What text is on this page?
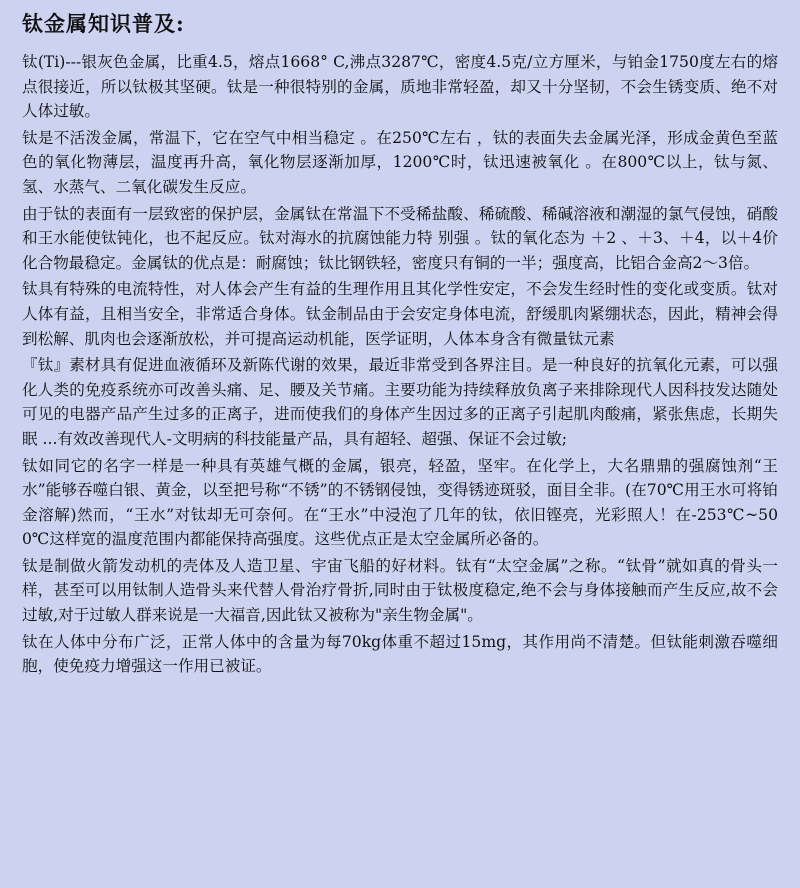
钛金属知识普及:

钛(Ti)---银灰色金属，比重4.5，熔点1668° C,沸点3287℃，密度4.5克/立方厘米，与铂金1750度左右的熔点很接近，所以钛极其坚硬。钛是一种很特别的金属，质地非常轻盈，却又十分坚韧，不会生锈变质、绝不对人体过敏。

钛是不活泼金属，常温下，它在空气中相当稳定 。在250℃左右 ，钛的表面失去金属光泽，形成金黄色至蓝色的氧化物薄层，温度再升高，氧化物层逐渐加厚，1200℃时，钛迅速被氧化 。在800℃以上，钛与氮、氢、水蒸气、二氧化碳发生反应。

由于钛的表面有一层致密的保护层，金属钛在常温下不受稀盐酸、稀硫酸、稀碱溶液和潮湿的氯气侵蚀，硝酸和王水能使钛钝化，也不起反应。钛对海水的抗腐蚀能力特 别强 。钛的氧化态为 ＋2 、＋3、＋4，以＋4价化合物最稳定。金属钛的优点是：耐腐蚀；钛比钢铁轻，密度只有铜的一半；强度高，比铝合金高2～3倍。

钛具有特殊的电流特性，对人体会产生有益的生理作用且其化学性安定，不会发生经时性的变化或变质。钛对人体有益，且相当安全，非常适合身体。钛金制品由于会安定身体电流，舒缓肌肉紧绷状态，因此，精神会得到松解、肌肉也会逐渐放松，并可提高运动机能，医学证明，人体本身含有微量钛元素

『钛』素材具有促进血液循环及新陈代谢的效果，最近非常受到各界注目。是一种良好的抗氧化元素，可以强化人类的免疫系统亦可改善头痛、足、腰及关节痛。主要功能为持续释放负离子来排除现代人因科技发达随处可见的电器产品产生过多的正离子，进而使我们的身体产生因过多的正离子引起肌肉酸痛，紧张焦虑，长期失眠 ...有效改善现代人-文明病的科技能量产品，具有超轻、超强、保证不会过敏;

钛如同它的名字一样是一种具有英雄气概的金属，银亮，轻盈，坚牢。在化学上，大名鼎鼎的强腐蚀剂“王水”能够吞噬白银、黄金，以至把号称“不锈”的不锈钢侵蚀，变得锈迹斑驳，面目全非。(在70℃用王水可将铂金溶解)然而，“王水”对钛却无可奈何。在“王水”中浸泡了几年的钛，依旧铿亮，光彩照人！在-253℃~500℃这样宽的温度范围内都能保持高强度。这些优点正是太空金属所必备的。

钛是制做火箭发动机的壳体及人造卫星、宇宙飞船的好材料。钛有“太空金属”之称。“钛骨”就如真的骨头一样，甚至可以用钛制人造骨头来代替人骨治疗骨折,同时由于钛极度稳定,绝不会与身体接触而产生反应,故不会过敏,对于过敏人群来说是一大福音,因此钛又被称为"亲生物金属"。

钛在人体中分布广泛，正常人体中的含量为每70kg体重不超过15mg，其作用尚不清楚。但钛能刺激吞噬细胞，使免疫力增强这一作用已被证。
